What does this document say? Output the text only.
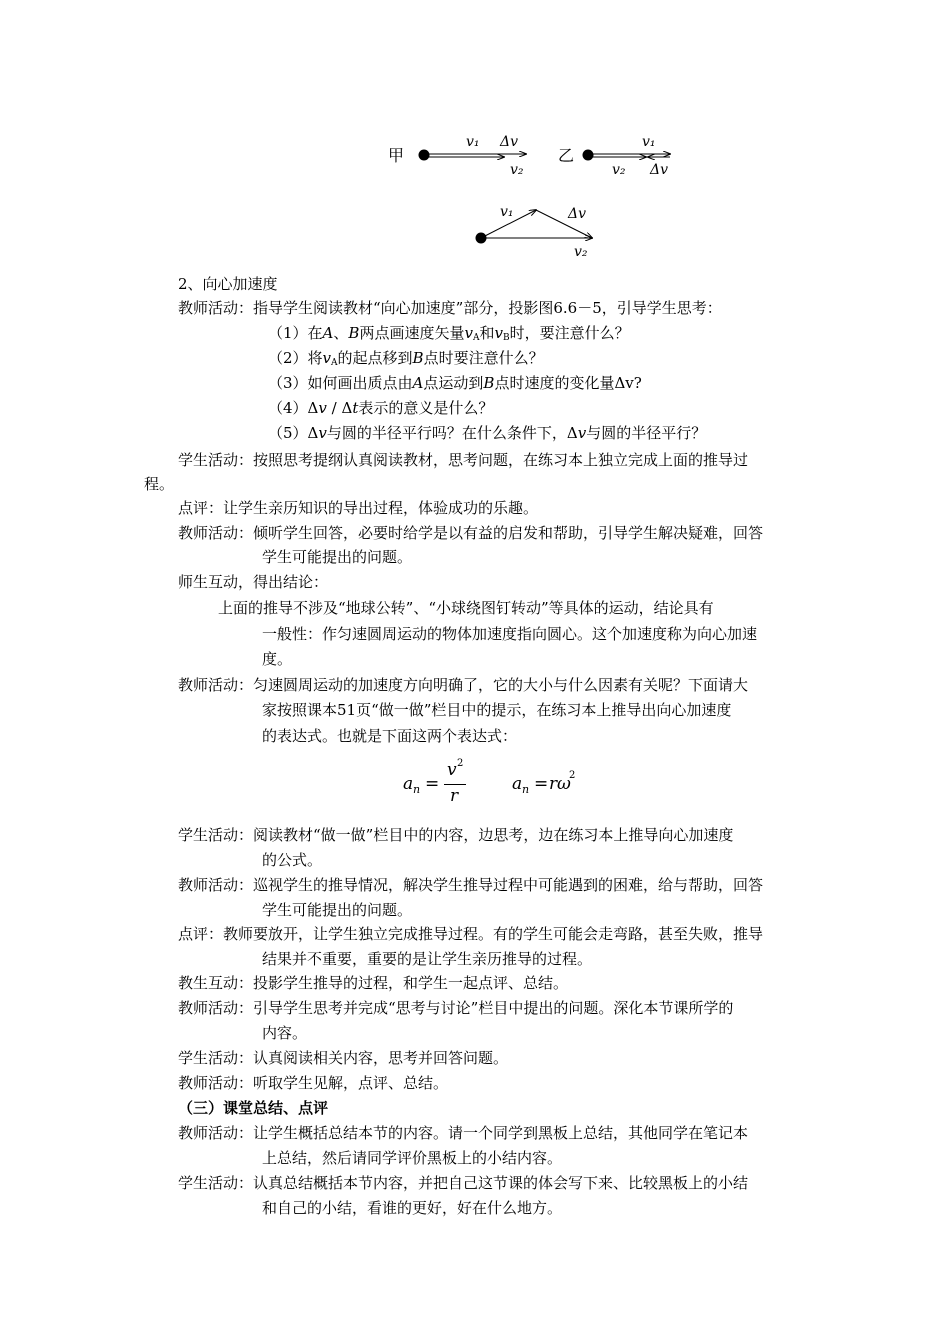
甲
v₁ Δv
v₂
乙
v₁
v₂ Δv
v₁	Δv
v₂
2、向心加速度
教师活动：指导学生阅读教材“向心加速度”部分，投影图6.6－5，引导学生思考：
（1）在A、B两点画速度矢量$v_A$和$v_B$时，要注意什么？
（2）将$v_A$的起点移到B点时要注意什么？
（3）如何画出质点由A点运动到B点时速度的变化量Δv?
（4）Δv / Δt表示的意义是什么？
（5）Δv与圆的半径平行吗？在什么条件下，Δv与圆的半径平行？
学生活动：按照思考提纲认真阅读教材，思考问题，在练习本上独立完成上面的推导过
程。
点评：让学生亲历知识的导出过程，体验成功的乐趣。
教师活动：倾听学生回答，必要时给学是以有益的启发和帮助，引导学生解决疑难，回答
学生可能提出的问题。
师生互动，得出结论：
上面的推导不涉及“地球公转”、“小球绕图钉转动”等具体的运动，结论具有
一般性：作匀速圆周运动的物体加速度指向圆心。这个加速度称为向心加速
度。
教师活动：匀速圆周运动的加速度方向明确了，它的大小与什么因素有关呢？下面请大
家按照课本51页“做一做”栏目中的提示，在练习本上推导出向心加速度
的表达式。也就是下面这两个表达式：
a n =
v 2
r
a n = r ω
2
学生活动：阅读教材“做一做”栏目中的内容，边思考，边在练习本上推导向心加速度
的公式。
教师活动：巡视学生的推导情况，解决学生推导过程中可能遇到的困难，给与帮助，回答
学生可能提出的问题。
点评：教师要放开，让学生独立完成推导过程。有的学生可能会走弯路，甚至失败，推导
结果并不重要，重要的是让学生亲历推导的过程。
教生互动：投影学生推导的过程，和学生一起点评、总结。
教师活动：引导学生思考并完成“思考与讨论”栏目中提出的问题。深化本节课所学的
内容。
学生活动：认真阅读相关内容，思考并回答问题。
教师活动：听取学生见解，点评、总结。
（三）课堂总结、点评
教师活动：让学生概括总结本节的内容。请一个同学到黑板上总结，其他同学在笔记本
上总结，然后请同学评价黑板上的小结内容。
学生活动：认真总结概括本节内容，并把自己这节课的体会写下来、比较黑板上的小结
和自己的小结，看谁的更好，好在什么地方。
